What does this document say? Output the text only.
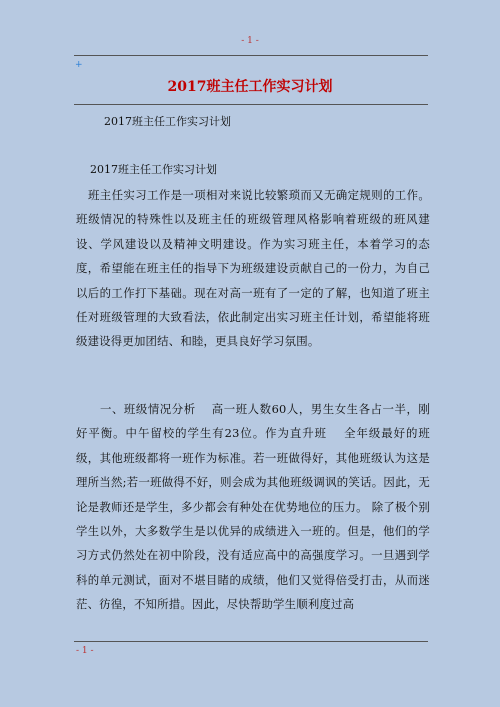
- 1 -
+
2017班主任工作实习计划
2017班主任工作实习计划
2017班主任工作实习计划
班主任实习工作是一项相对来说比较繁琐而又无确定规则的工作。班级情况的特殊性以及班主任的班级管理风格影响着班级的班风建设、学风建设以及精神文明建设。作为实习班主任，本着学习的态度，希望能在班主任的指导下为班级建设贡献自己的一份力，为自己以后的工作打下基础。现在对高一班有了一定的了解，也知道了班主任对班级管理的大致看法，依此制定出实习班主任计划，希望能将班级建设得更加团结、和睦，更具良好学习氛围。
一、班级情况分析　 高一班人数60人，男生女生各占一半，刚好平衡。中午留校的学生有23位。作为直升班　 全年级最好的班级，其他班级都将一班作为标准。若一班做得好，其他班级认为这是理所当然;若一班做得不好，则会成为其他班级调讽的笑话。因此，无论是教师还是学生，多少都会有种处在优势地位的压力。 除了极个别学生以外，大多数学生是以优异的成绩进入一班的。但是，他们的学习方式仍然处在初中阶段，没有适应高中的高强度学习。一旦遇到学科的单元测试，面对不堪目睹的成绩，他们又觉得倍受打击，从而迷茫、彷徨，不知所措。因此，尽快帮助学生顺利度过高
- 1 -
